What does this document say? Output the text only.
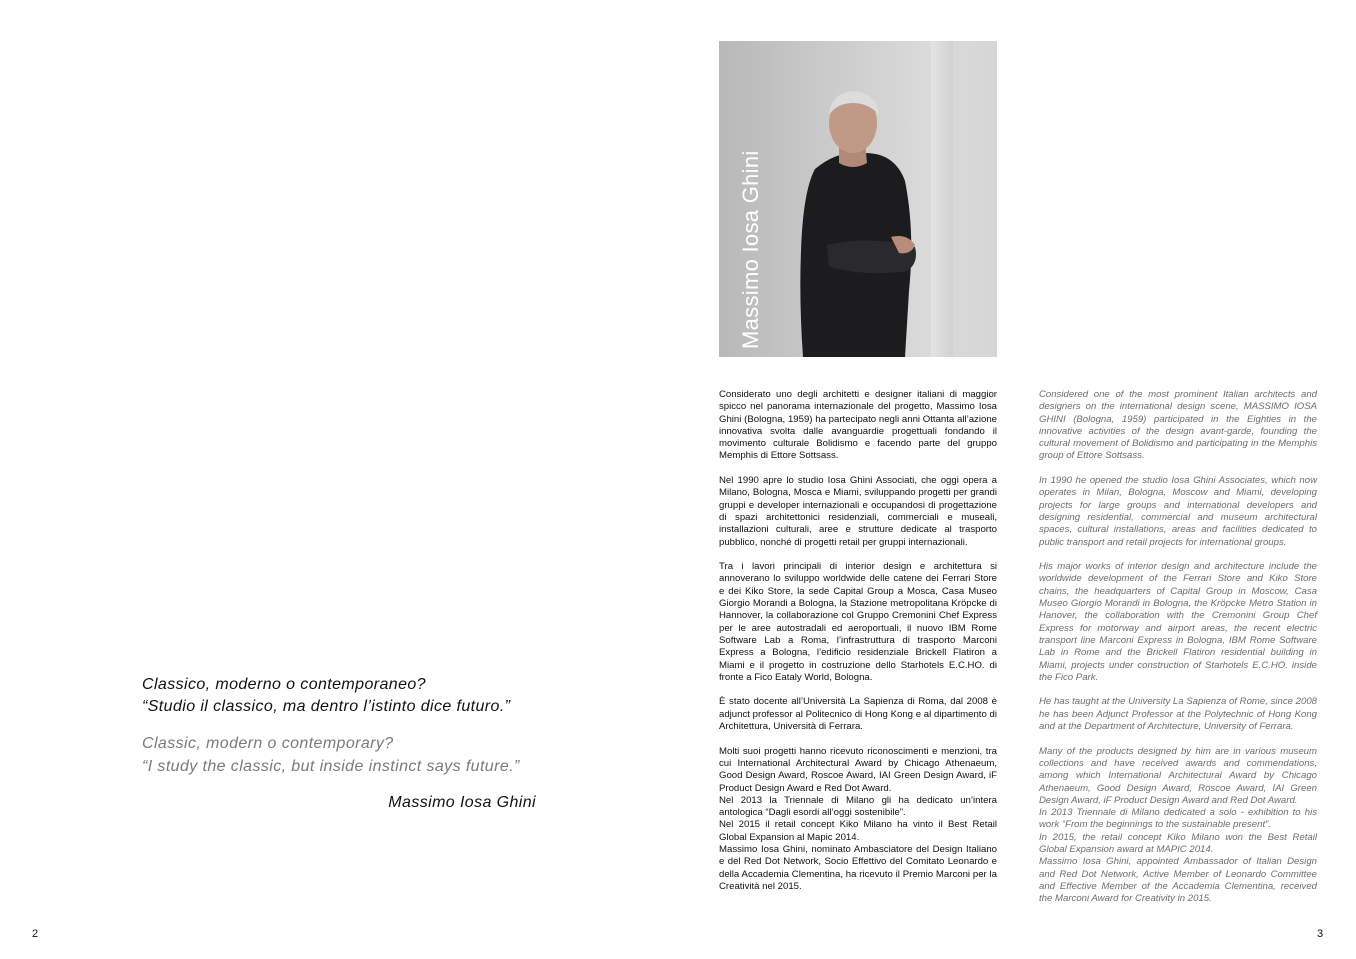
Classico, moderno o contemporaneo?
“Studio il classico, ma dentro l’istinto dice futuro.”

Classic, modern o contemporary?
“I study the classic, but inside instinct says future.”

Massimo Iosa Ghini

2
Massimo Iosa Ghini

Considerato uno degli architetti e designer italiani di maggior spicco nel panorama internazionale del progetto, Massimo Iosa Ghini (Bologna, 1959) ha partecipato negli anni Ottanta all’azione innovativa svolta dalle avanguardie progettuali fondando il movimento culturale Bolidismo e facendo parte del gruppo Memphis di Ettore Sottsass.

Nel 1990 apre lo studio Iosa Ghini Associati, che oggi opera a Milano, Bologna, Mosca e Miami, sviluppando progetti per grandi gruppi e developer internazionali e occupandosi di progettazione di spazi architettonici residenziali, commerciali e museali, installazioni culturali, aree e strutture dedicate al trasporto pubblico, nonché di progetti retail per gruppi internazionali.

Tra i lavori principali di interior design e architettura si annoverano lo sviluppo worldwide delle catene dei Ferrari Store e dei Kiko Store, la sede Capital Group a Mosca, Casa Museo Giorgio Morandi a Bologna, la Stazione metropolitana Kröpcke di Hannover, la collaborazione col Gruppo Cremonini Chef Express per le aree autostradali ed aeroportuali, il nuovo IBM Rome Software Lab a Roma, l’infrastruttura di trasporto Marconi Express a Bologna, l’edificio residenziale Brickell Flatiron a Miami e il progetto in costruzione dello Starhotels E.C.HO. di fronte a Fico Eataly World, Bologna.

È stato docente all’Università La Sapienza di Roma, dal 2008 è adjunct professor al Politecnico di Hong Kong e al dipartimento di Architettura, Università di Ferrara.

Molti suoi progetti hanno ricevuto riconoscimenti e menzioni, tra cui International Architectural Award by Chicago Athenaeum, Good Design Award, Roscoe Award, IAI Green Design Award, iF Product Design Award e Red Dot Award.
Nel 2013 la Triennale di Milano gli ha dedicato un’intera antologica “Dagli esordi all’oggi sostenibile”.
Nel 2015 il retail concept Kiko Milano ha vinto il Best Retail Global Expansion al Mapic 2014.
Massimo Iosa Ghini, nominato Ambasciatore del Design Italiano e del Red Dot Network, Socio Effettivo del Comitato Leonardo e della Accademia Clementina, ha ricevuto il Premio Marconi per la Creatività nel 2015.

Considered one of the most prominent Italian architects and designers on the international design scene, MASSIMO IOSA GHINI (Bologna, 1959) participated in the Eighties in the innovative activities of the design avant-garde, founding the cultural movement of Bolidismo and participating in the Memphis group of Ettore Sottsass.

In 1990 he opened the studio Iosa Ghini Associates, which now operates in Milan, Bologna, Moscow and Miami, developing projects for large groups and international developers and designing residential, commercial and museum architectural spaces, cultural installations, areas and facilities dedicated to public transport and retail projects for international groups.

His major works of interior design and architecture include the worldwide development of the Ferrari Store and Kiko Store chains, the headquarters of Capital Group in Moscow, Casa Museo Giorgio Morandi in Bologna, the Kröpcke Metro Station in Hanover, the collaboration with the Cremonini Group Chef Express for motorway and airport areas, the recent electric transport line Marconi Express in Bologna, IBM Rome Software Lab in Rome and the Brickell Flatiron residential building in Miami, projects under construction of Starhotels E.C.HO. inside the Fico Park.

He has taught at the University La Sapienza of Rome, since 2008 he has been Adjunct Professor at the Polytechnic of Hong Kong and at the Department of Architecture, University of Ferrara.

Many of the products designed by him are in various museum collections and have received awards and commendations, among which International Architectural Award by Chicago Athenaeum, Good Design Award, Roscoe Award, IAI Green Design Award, iF Product Design Award and Red Dot Award.
In 2013 Triennale di Milano dedicated a solo - exhibition to his work “From the beginnings to the sustainable present”.
In 2015, the retail concept Kiko Milano won the Best Retail Global Expansion award at MAPIC 2014.
Massimo Iosa Ghini, appointed Ambassador of Italian Design and Red Dot Network, Active Member of Leonardo Committee and Effective Member of the Accademia Clementina, received the Marconi Award for Creativity in 2015.

3
